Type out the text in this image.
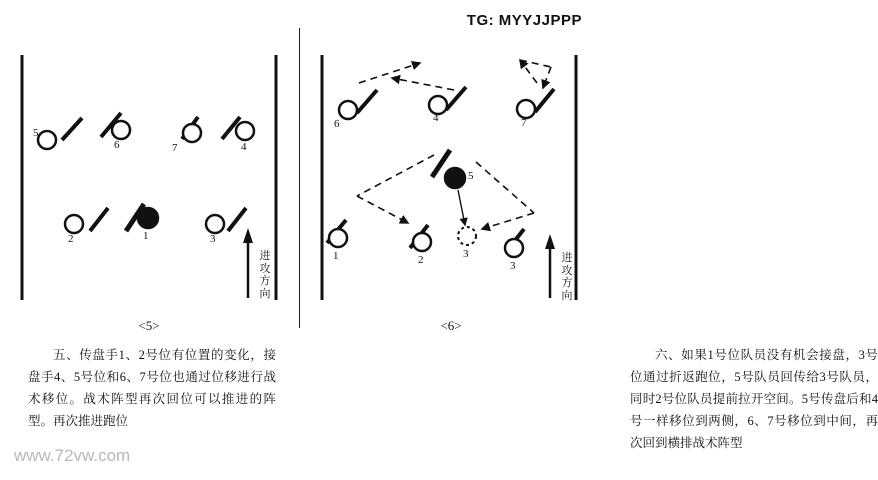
TG: MYYJJPPP
www.72vw.com
进攻方向
5
6	7	4
2	1	3
<5>
五、传盘手1、2号位有位置的变化，接盘手4、5号位和6、7号位也通过位移进行战术移位。战术阵型再次回位可以推进的阵型。再次推进跑位
进攻方向
6	4	7
5
1	2	3
3
<6>
六、如果1号位队员没有机会接盘，3号位通过折返跑位，5号队员回传给3号队员，同时2号位队员提前拉开空间。5号传盘后和4号一样移位到两侧，6、7号移位到中间，再次回到横排战术阵型
